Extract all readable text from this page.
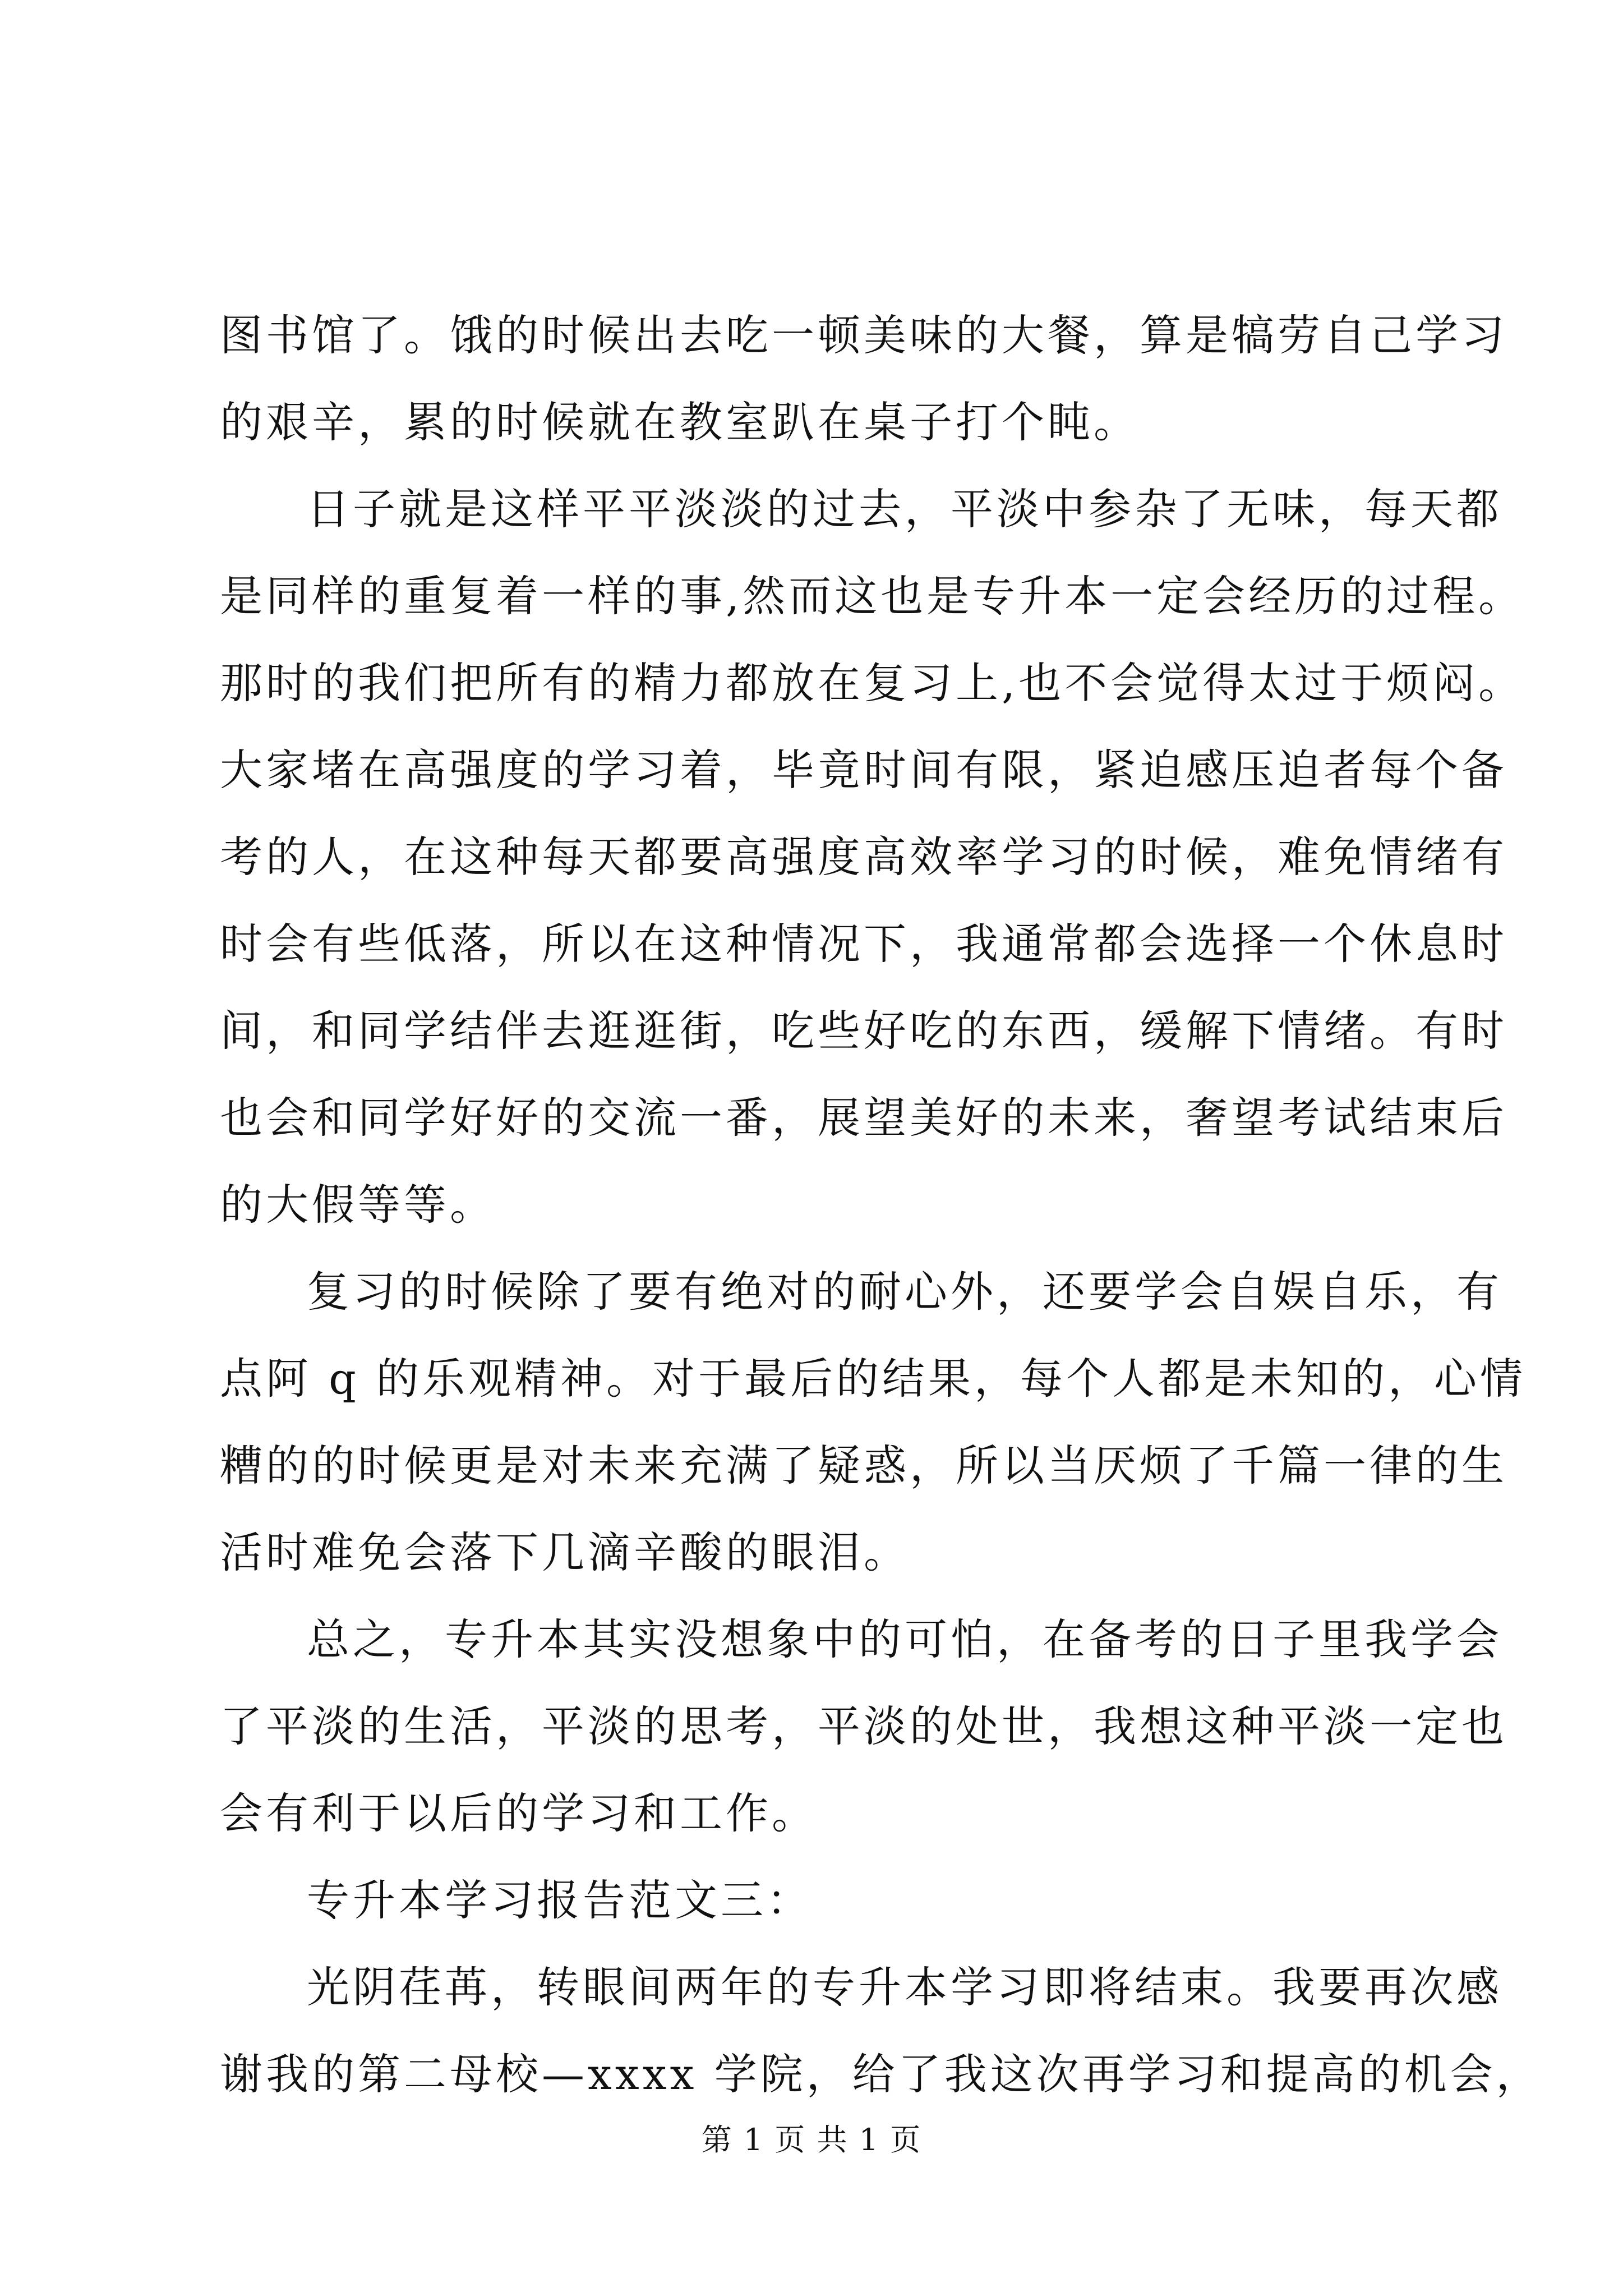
图书馆了。饿的时候出去吃一顿美味的大餐，算是犒劳自己学习
的艰辛，累的时候就在教室趴在桌子打个盹。
日子就是这样平平淡淡的过去，平淡中参杂了无味，每天都
是同样的重复着一样的事,然而这也是专升本一定会经历的过程。
那时的我们把所有的精力都放在复习上,也不会觉得太过于烦闷。
大家堵在高强度的学习着，毕竟时间有限，紧迫感压迫者每个备
考的人，在这种每天都要高强度高效率学习的时候，难免情绪有
时会有些低落，所以在这种情况下，我通常都会选择一个休息时
间，和同学结伴去逛逛街，吃些好吃的东西，缓解下情绪。有时
也会和同学好好的交流一番，展望美好的未来，奢望考试结束后
的大假等等。
复习的时候除了要有绝对的耐心外，还要学会自娱自乐，有
点阿 q 的乐观精神。对于最后的结果，每个人都是未知的，心情
糟的的时候更是对未来充满了疑惑，所以当厌烦了千篇一律的生
活时难免会落下几滴辛酸的眼泪。
总之，专升本其实没想象中的可怕，在备考的日子里我学会
了平淡的生活，平淡的思考，平淡的处世，我想这种平淡一定也
会有利于以后的学习和工作。
专升本学习报告范文三：
光阴荏苒，转眼间两年的专升本学习即将结束。我要再次感
谢我的第二母校—xxxx 学院，给了我这次再学习和提高的机会，
第 1 页 共 1 页
